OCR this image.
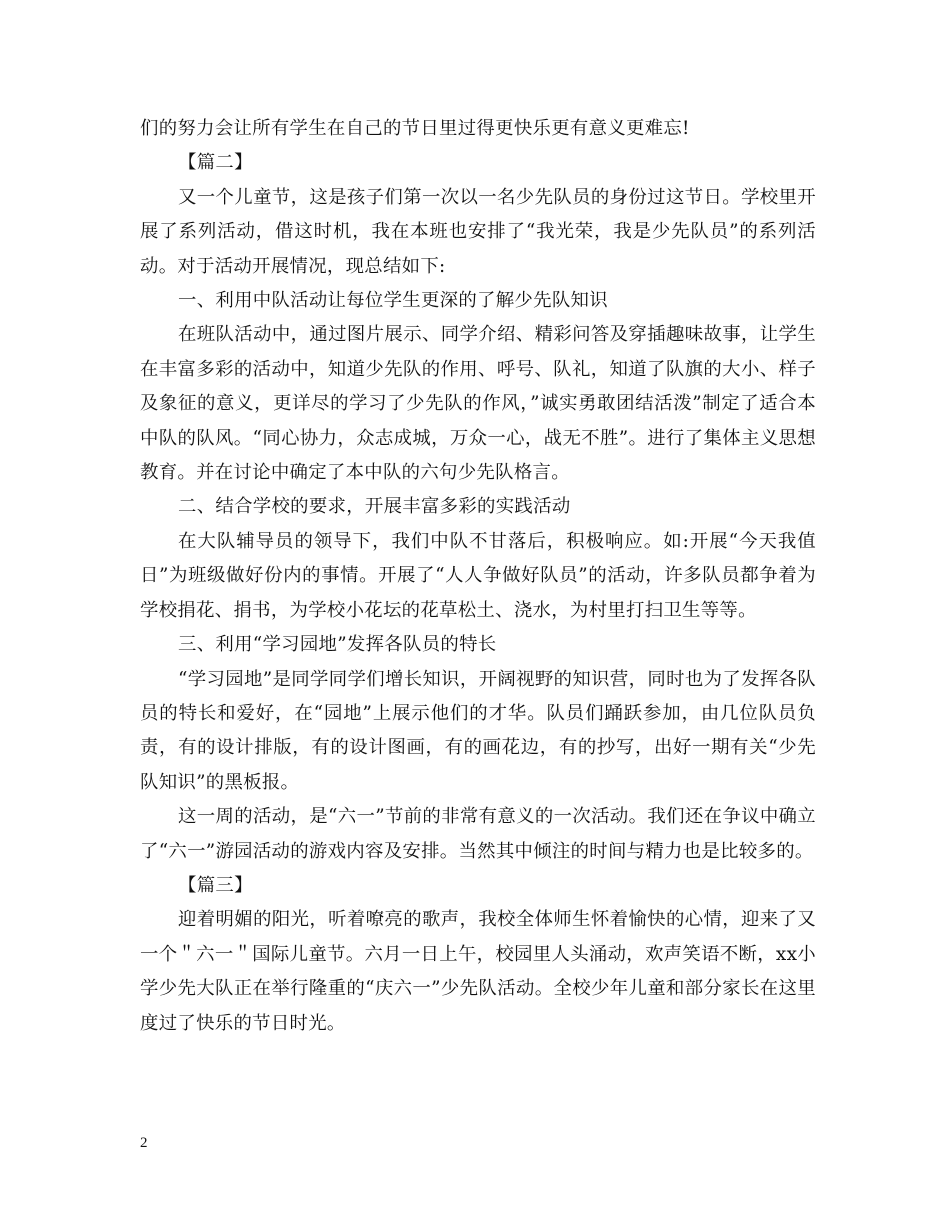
们的努力会让所有学生在自己的节日里过得更快乐更有意义更难忘!

【篇二】

又一个儿童节，这是孩子们第一次以一名少先队员的身份过这节日。学校里开展了系列活动，借这时机，我在本班也安排了“我光荣，我是少先队员”的系列活动。对于活动开展情况，现总结如下:

一、利用中队活动让每位学生更深的了解少先队知识

在班队活动中，通过图片展示、同学介绍、精彩问答及穿插趣味故事，让学生在丰富多彩的活动中，知道少先队的作用、呼号、队礼，知道了队旗的大小、样子及象征的意义，更详尽的学习了少先队的作风，”诚实勇敢团结活泼”制定了适合本中队的队风。“同心协力，众志成城，万众一心，战无不胜”。进行了集体主义思想教育。并在讨论中确定了本中队的六句少先队格言。

二、结合学校的要求，开展丰富多彩的实践活动

在大队辅导员的领导下，我们中队不甘落后，积极响应。如:开展“今天我值日”为班级做好份内的事情。开展了“人人争做好队员”的活动，许多队员都争着为学校捐花、捐书，为学校小花坛的花草松土、浇水，为村里打扫卫生等等。

三、利用“学习园地”发挥各队员的特长

“学习园地”是同学同学们增长知识，开阔视野的知识营，同时也为了发挥各队员的特长和爱好，在“园地”上展示他们的才华。队员们踊跃参加，由几位队员负责，有的设计排版，有的设计图画，有的画花边，有的抄写，出好一期有关“少先队知识”的黑板报。

这一周的活动，是“六一”节前的非常有意义的一次活动。我们还在争议中确立了“六一”游园活动的游戏内容及安排。当然其中倾注的时间与精力也是比较多的。

【篇三】

迎着明媚的阳光，听着嘹亮的歌声，我校全体师生怀着愉快的心情，迎来了又一个＂六一＂国际儿童节。六月一日上午，校园里人头涌动，欢声笑语不断，xx小学少先大队正在举行隆重的“庆六一”少先队活动。全校少年儿童和部分家长在这里度过了快乐的节日时光。

2
